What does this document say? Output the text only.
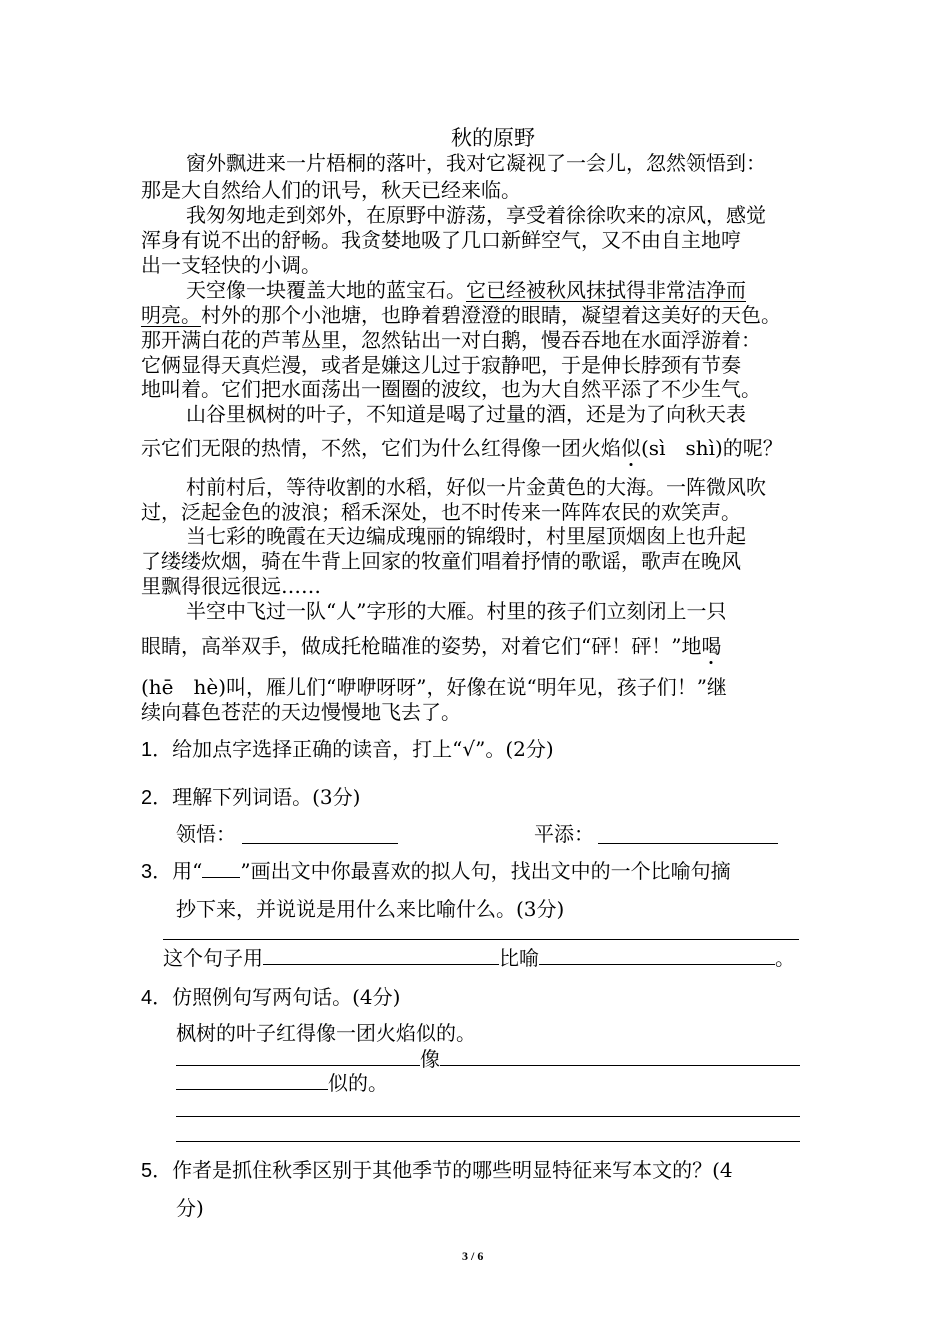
秋的原野
窗外飘进来一片梧桐的落叶，我对它凝视了一会儿，忽然领悟到：
那是大自然给人们的讯号，秋天已经来临。
我匆匆地走到郊外，在原野中游荡，享受着徐徐吹来的凉风，感觉
浑身有说不出的舒畅。我贪婪地吸了几口新鲜空气，又不由自主地哼
出一支轻快的小调。
天空像一块覆盖大地的蓝宝石。它已经被秋风抹拭得非常洁净而
明亮。村外的那个小池塘，也睁着碧澄澄的眼睛，凝望着这美好的天色。
那开满白花的芦苇丛里，忽然钻出一对白鹅，慢吞吞地在水面浮游着：
它俩显得天真烂漫，或者是嫌这儿过于寂静吧，于是伸长脖颈有节奏
地叫着。它们把水面荡出一圈圈的波纹，也为大自然平添了不少生气。
山谷里枫树的叶子，不知道是喝了过量的酒，还是为了向秋天表
示它们无限的热情，不然，它们为什么红得像一团火焰似(sì　shì)的呢？
村前村后，等待收割的水稻，好似一片金黄色的大海。一阵微风吹
过，泛起金色的波浪；稻禾深处，也不时传来一阵阵农民的欢笑声。
当七彩的晚霞在天边编成瑰丽的锦缎时，村里屋顶烟囱上也升起
了缕缕炊烟，骑在牛背上回家的牧童们唱着抒情的歌谣，歌声在晚风
里飘得很远很远……
半空中飞过一队“人”字形的大雁。村里的孩子们立刻闭上一只
眼睛，高举双手，做成托枪瞄准的姿势，对着它们“砰！砰！”地喝
(hē　hè)叫，雁儿们“咿咿呀呀”，好像在说“明年见，孩子们！”继
续向暮色苍茫的天边慢慢地飞去了。
1．给加点字选择正确的读音，打上“√”。(2分)
2．理解下列词语。(3分)
领悟：	平添：
3．用“ ”画出文中你最喜欢的拟人句，找出文中的一个比喻句摘
抄下来，并说说是用什么来比喻什么。(3分)
这个句子用	比喻	。
4．仿照例句写两句话。(4分)
枫树的叶子红得像一团火焰似的。
像
似的。
5．作者是抓住秋季区别于其他季节的哪些明显特征来写本文的？(4
分)
3 / 6
